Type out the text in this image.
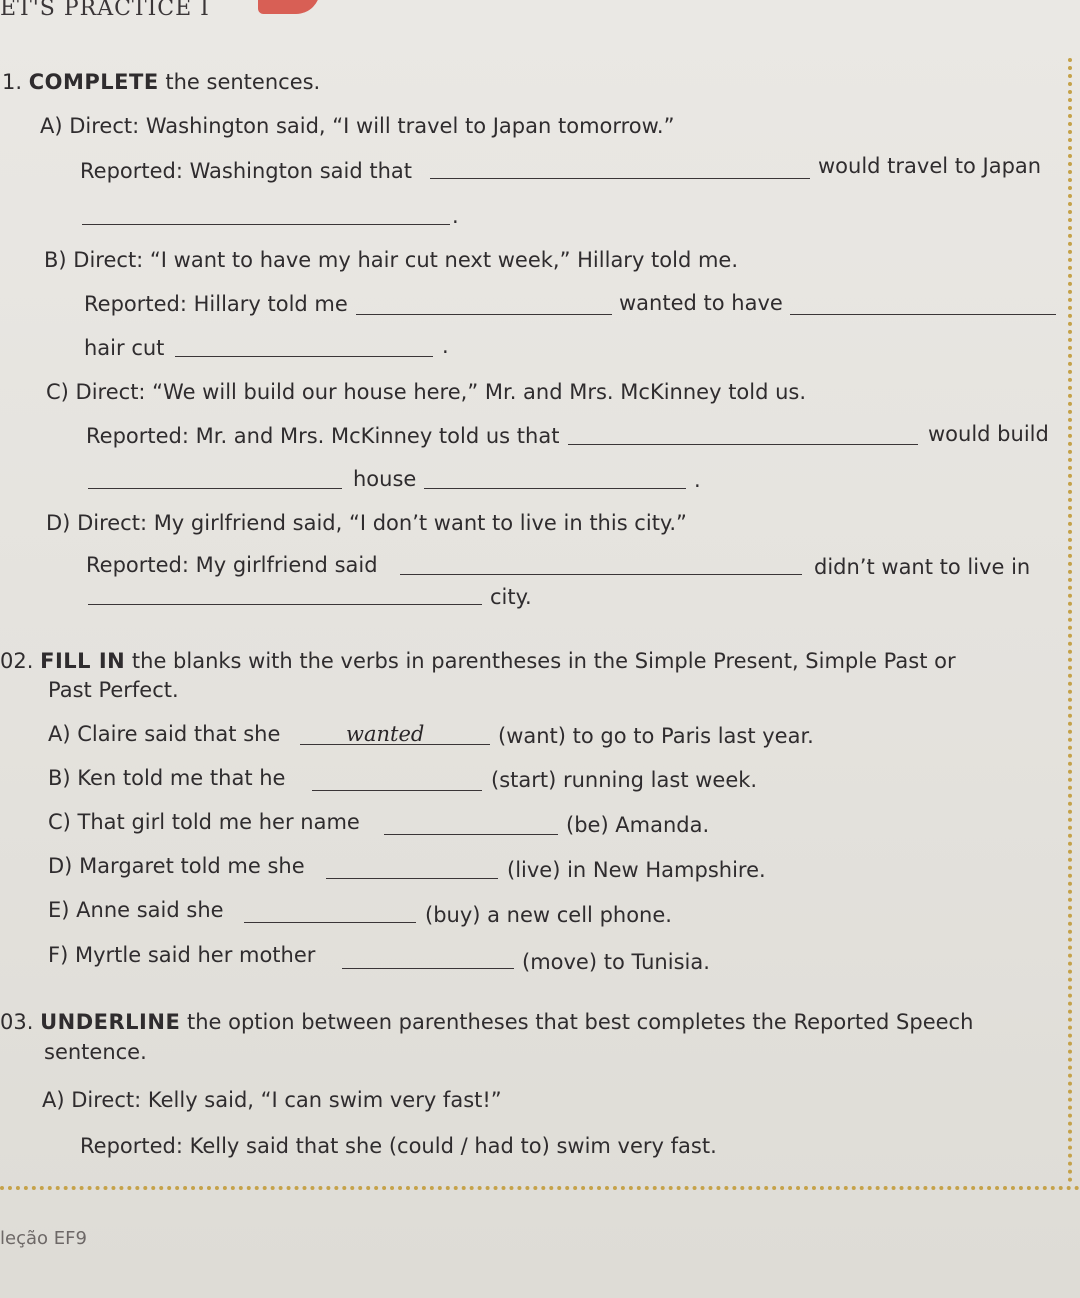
ET'S PRACTICE I
1. COMPLETE the sentences.
A) Direct: Washington said, “I will travel to Japan tomorrow.”
Reported: Washington said that	would travel to Japan
.
B) Direct: “I want to have my hair cut next week,” Hillary told me.
Reported: Hillary told me	wanted to have
hair cut	.
C) Direct: “We will build our house here,” Mr. and Mrs. McKinney told us.
Reported: Mr. and Mrs. McKinney told us that	would build
house	.
D) Direct: My girlfriend said, “I don’t want to live in this city.”
Reported: My girlfriend said	didn’t want to live in
city.
02. FILL IN the blanks with the verbs in parentheses in the Simple Present, Simple Past or
Past Perfect.
A) Claire said that she	wanted	(want) to go to Paris last year.
B) Ken told me that he	(start) running last week.
C) That girl told me her name	(be) Amanda.
D) Margaret told me she	(live) in New Hampshire.
E) Anne said she	(buy) a new cell phone.
F) Myrtle said her mother	(move) to Tunisia.
03. UNDERLINE the option between parentheses that best completes the Reported Speech
sentence.
A) Direct: Kelly said, “I can swim very fast!”
Reported: Kelly said that she (could / had to) swim very fast.
leção EF9
